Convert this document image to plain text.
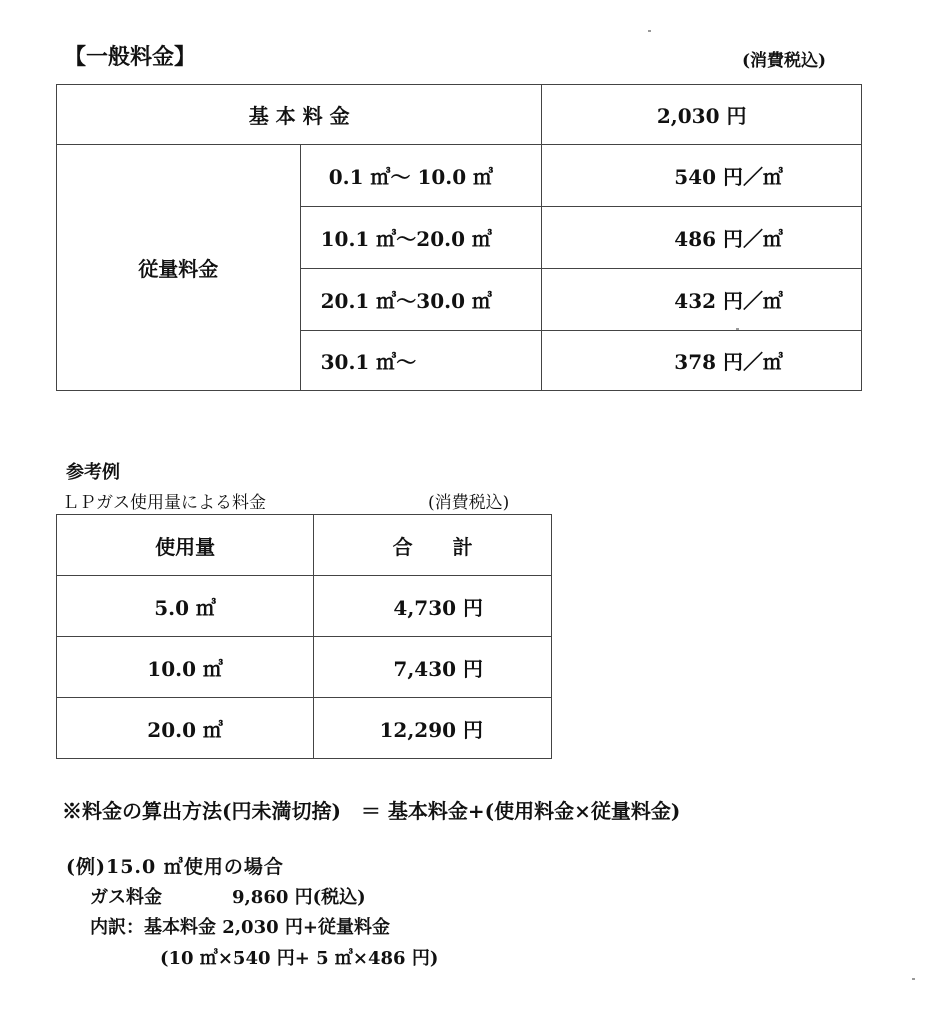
【一般料金】	(消費税込)
基 本 料 金		2,030 円
従量料金	0.1 ㎥～ 10.0 ㎥	540 円／㎥
	10.1 ㎥～20.0 ㎥	486 円／㎥
	20.1 ㎥～30.0 ㎥	432 円／㎥
	30.1 ㎥～	378 円／㎥
参考例
ＬＰガス使用量による料金	(消費税込)
使用量	合　　計
5.0 ㎥	4,730 円
10.0 ㎥	7,430 円
20.0 ㎥	12,290 円
※料金の算出方法(円未満切捨)　＝ 基本料金+(使用料金×従量料金)
(例)15.0 ㎥使用の場合
ガス料金	9,860 円(税込)
内訳：基本料金 2,030 円+従量料金
(10 ㎥×540 円+ 5 ㎥×486 円)
